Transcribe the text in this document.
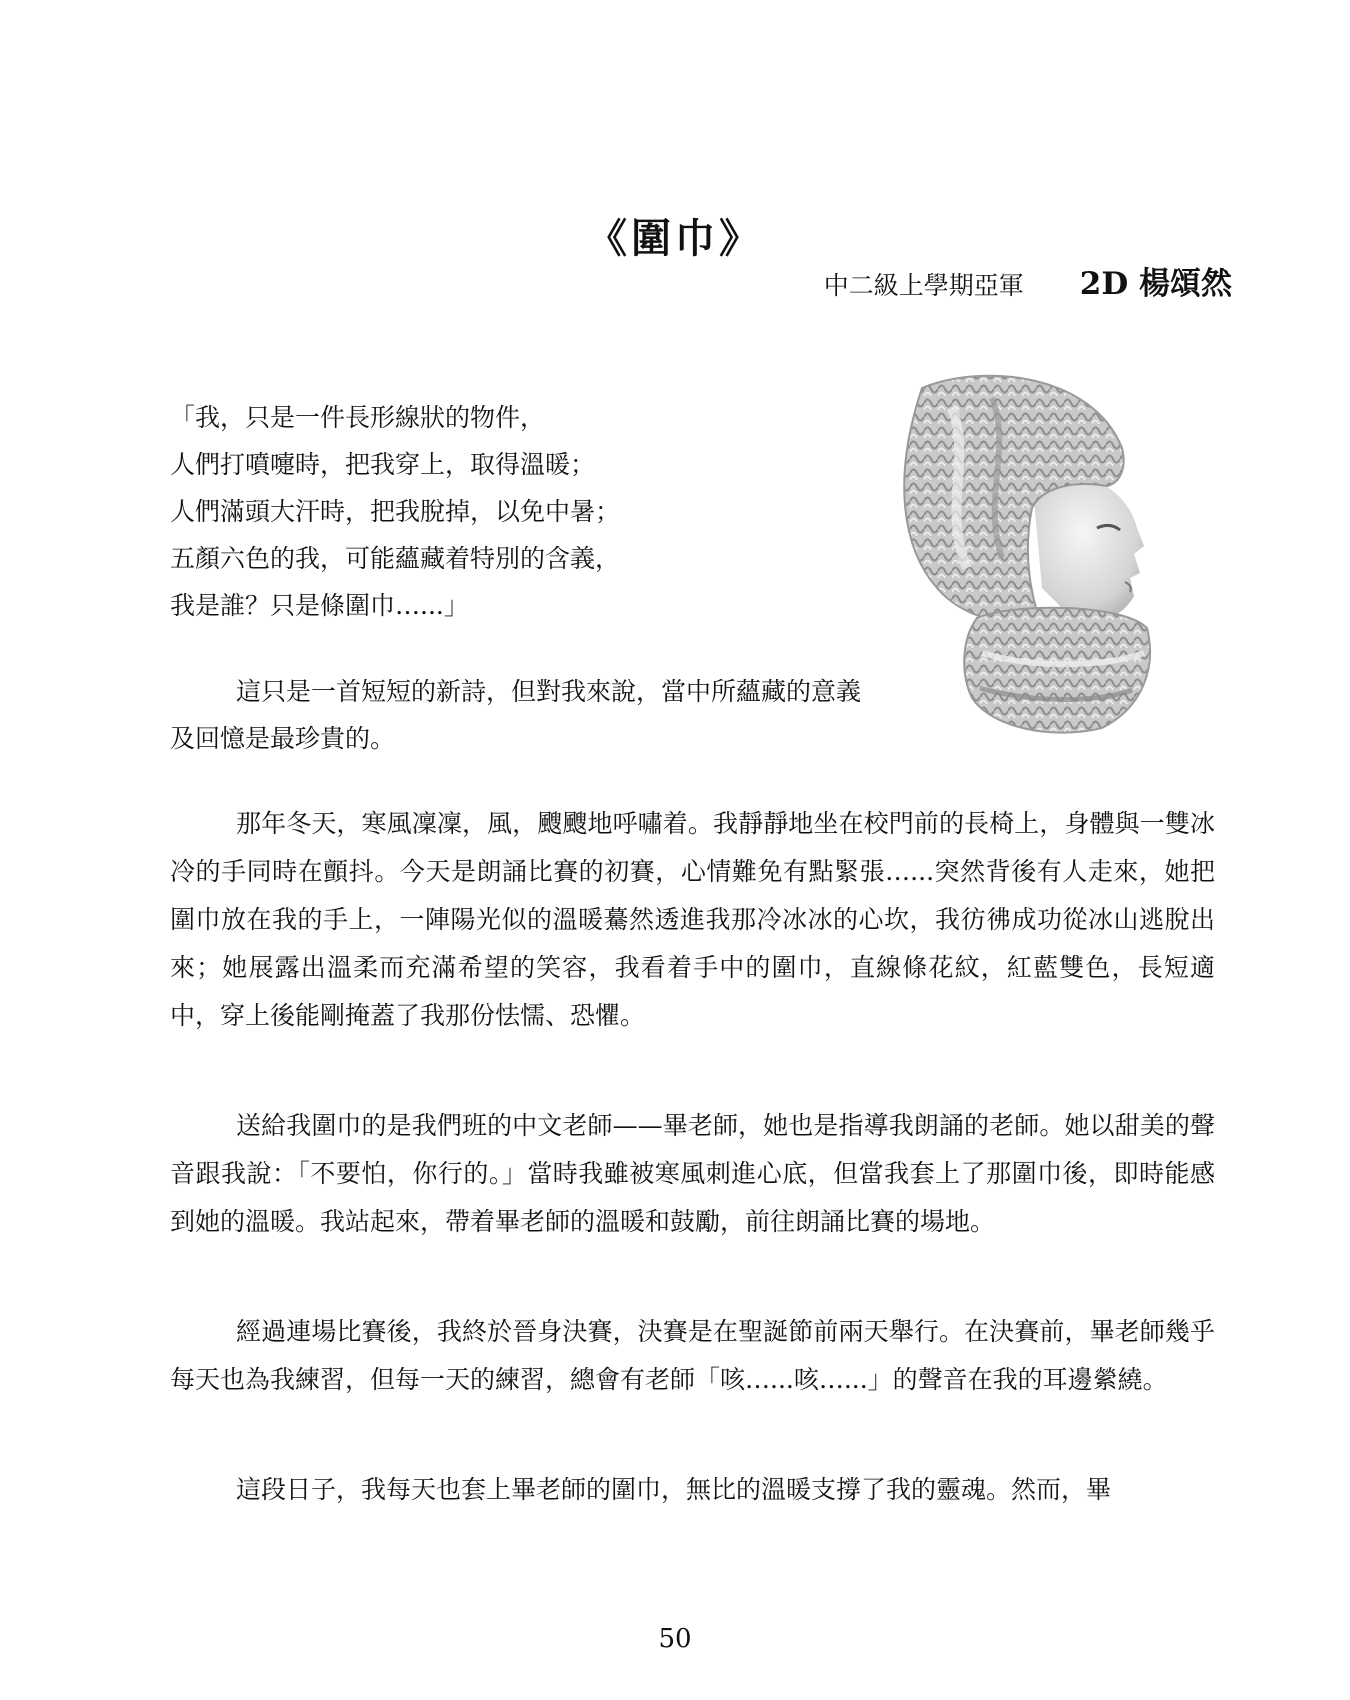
《圍巾》
中二級上學期亞軍 2D 楊頌然
「我，只是一件長形線狀的物件，
人們打噴嚏時，把我穿上，取得溫暖；
人們滿頭大汗時，把我脫掉，以免中暑；
五顏六色的我，可能蘊藏着特別的含義，
我是誰？只是條圍巾…...」
這只是一首短短的新詩，但對我來說，當中所蘊藏的意義及回憶是最珍貴的。

那年冬天，寒風凜凜，風，颼颼地呼嘯着。我靜靜地坐在校門前的長椅上，身體與一雙冰冷的手同時在顫抖。今天是朗誦比賽的初賽，心情難免有點緊張…...突然背後有人走來，她把圍巾放在我的手上，一陣陽光似的溫暖驀然透進我那冷冰冰的心坎，我彷彿成功從冰山逃脫出來；她展露出溫柔而充滿希望的笑容，我看着手中的圍巾，直線條花紋，紅藍雙色，長短適中，穿上後能剛掩蓋了我那份怯懦、恐懼。

送給我圍巾的是我們班的中文老師——畢老師，她也是指導我朗誦的老師。她以甜美的聲音跟我說：「不要怕，你行的。」當時我雖被寒風刺進心底，但當我套上了那圍巾後，即時能感到她的溫暖。我站起來，帶着畢老師的溫暖和鼓勵，前往朗誦比賽的場地。

經過連場比賽後，我終於晉身決賽，決賽是在聖誕節前兩天舉行。在決賽前，畢老師幾乎每天也為我練習，但每一天的練習，總會有老師「咳…...咳…...」的聲音在我的耳邊縈繞。

這段日子，我每天也套上畢老師的圍巾，無比的溫暖支撐了我的靈魂。然而，畢

50
